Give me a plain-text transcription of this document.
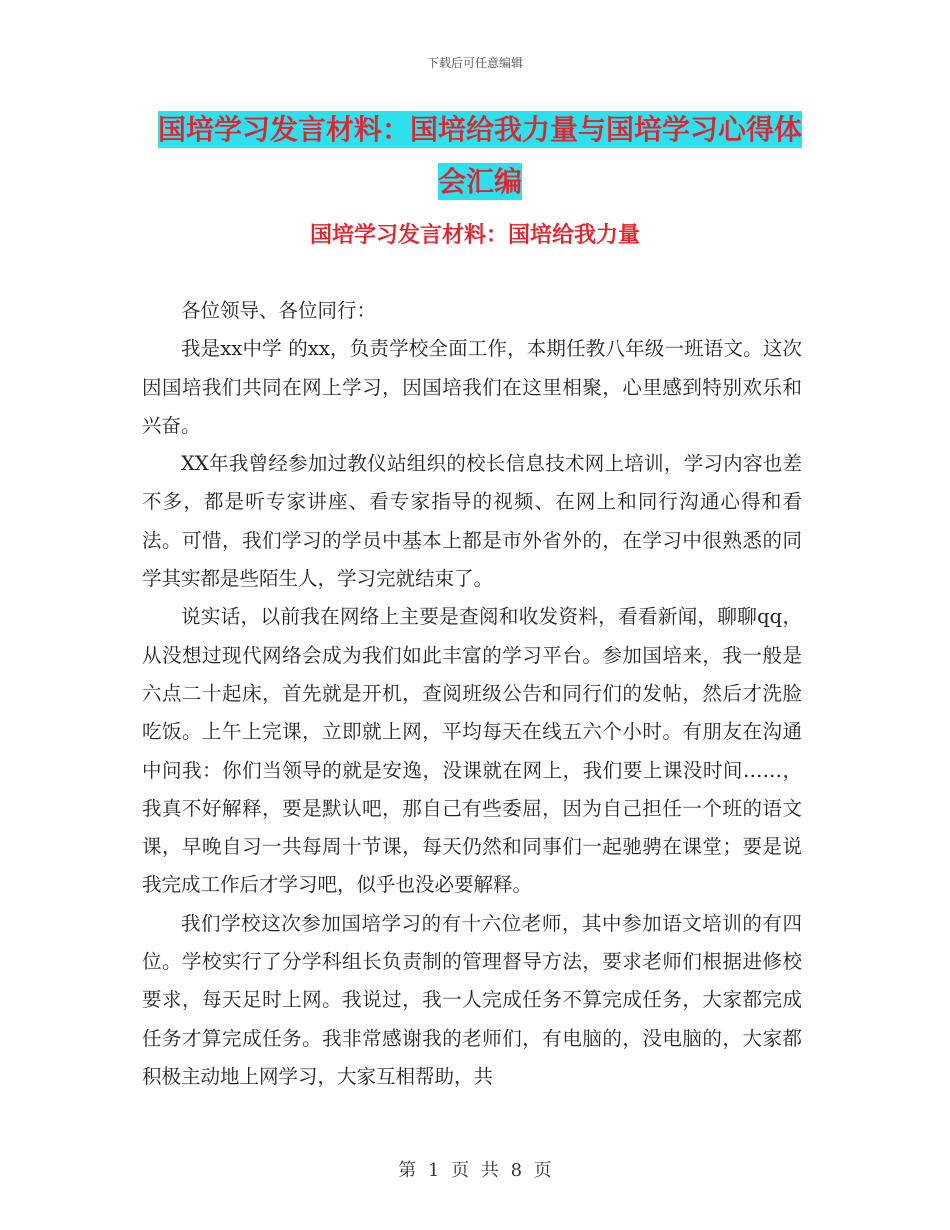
下载后可任意编辑
国培学习发言材料：国培给我力量与国培学习心得体会汇编
国培学习发言材料：国培给我力量

各位领导、各位同行：

我是xx中学 的xx，负责学校全面工作，本期任教八年级一班语文。这次因国培我们共同在网上学习，因国培我们在这里相聚，心里感到特别欢乐和兴奋。

XX年我曾经参加过教仪站组织的校长信息技术网上培训，学习内容也差不多，都是听专家讲座、看专家指导的视频、在网上和同行沟通心得和看法。可惜，我们学习的学员中基本上都是市外省外的，在学习中很熟悉的同学其实都是些陌生人，学习完就结束了。

说实话，以前我在网络上主要是查阅和收发资料，看看新闻，聊聊qq，从没想过现代网络会成为我们如此丰富的学习平台。参加国培来，我一般是六点二十起床，首先就是开机，查阅班级公告和同行们的发帖，然后才洗脸吃饭。上午上完课，立即就上网，平均每天在线五六个小时。有朋友在沟通中问我：你们当领导的就是安逸，没课就在网上，我们要上课没时间……，我真不好解释，要是默认吧，那自己有些委屈，因为自己担任一个班的语文课，早晚自习一共每周十节课，每天仍然和同事们一起驰骋在课堂；要是说我完成工作后才学习吧，似乎也没必要解释。

我们学校这次参加国培学习的有十六位老师，其中参加语文培训的有四位。学校实行了分学科组长负责制的管理督导方法，要求老师们根据进修校要求，每天足时上网。我说过，我一人完成任务不算完成任务，大家都完成任务才算完成任务。我非常感谢我的老师们，有电脑的，没电脑的，大家都积极主动地上网学习，大家互相帮助，共

第 1 页 共 8 页
